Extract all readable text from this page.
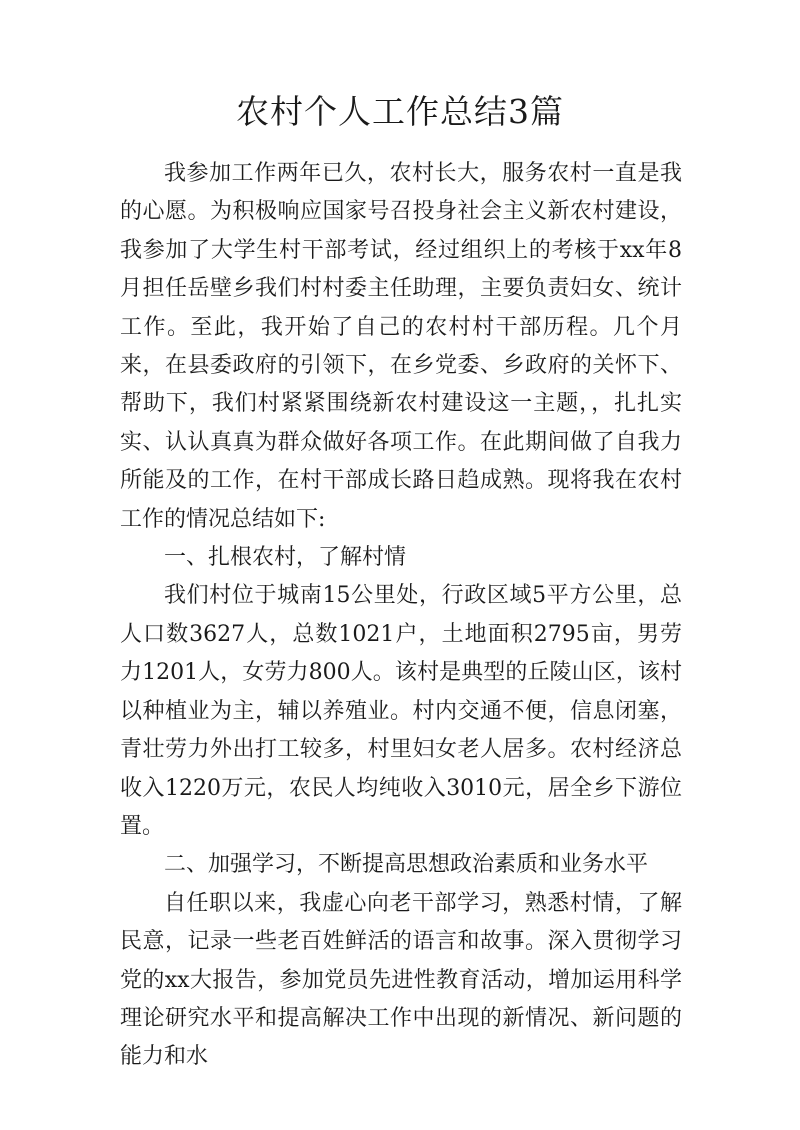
农村个人工作总结3篇

我参加工作两年已久，农村长大，服务农村一直是我的心愿。为积极响应国家号召投身社会主义新农村建设，我参加了大学生村干部考试，经过组织上的考核于xx年8月担任岳壁乡我们村村委主任助理，主要负责妇女、统计工作。至此，我开始了自己的农村村干部历程。几个月来，在县委政府的引领下，在乡党委、乡政府的关怀下、帮助下，我们村紧紧围绕新农村建设这一主题，，扎扎实实、认认真真为群众做好各项工作。在此期间做了自我力所能及的工作，在村干部成长路日趋成熟。现将我在农村工作的情况总结如下:

一、扎根农村，了解村情

我们村位于城南15公里处，行政区域5平方公里，总人口数3627人，总数1021户，土地面积2795亩，男劳力1201人，女劳力800人。该村是典型的丘陵山区，该村以种植业为主，辅以养殖业。村内交通不便，信息闭塞，青壮劳力外出打工较多，村里妇女老人居多。农村经济总收入1220万元，农民人均纯收入3010元，居全乡下游位置。

二、加强学习，不断提高思想政治素质和业务水平

自任职以来，我虚心向老干部学习，熟悉村情，了解民意，记录一些老百姓鲜活的语言和故事。深入贯彻学习党的xx大报告，参加党员先进性教育活动，增加运用科学理论研究水平和提高解决工作中出现的新情况、新问题的能力和水
